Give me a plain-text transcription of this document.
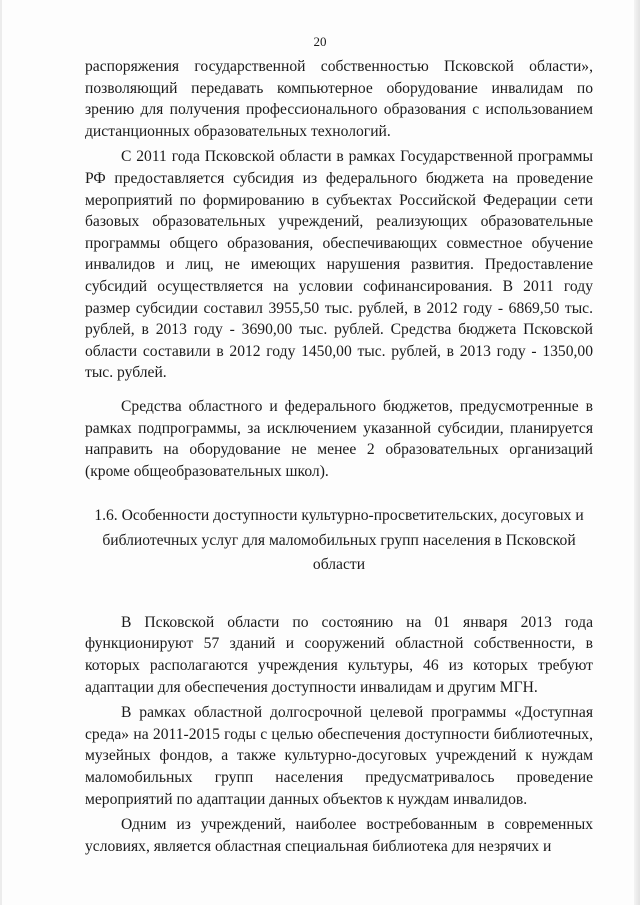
20

распоряжения государственной собственностью Псковской области», позволяющий передавать компьютерное оборудование инвалидам по зрению для получения профессионального образования с использованием дистанционных образовательных технологий.

С 2011 года Псковской области в рамках Государственной программы РФ предоставляется субсидия из федерального бюджета на проведение мероприятий по формированию в субъектах Российской Федерации сети базовых образовательных учреждений, реализующих образовательные программы общего образования, обеспечивающих совместное обучение инвалидов и лиц, не имеющих нарушения развития. Предоставление субсидий осуществляется на условии софинансирования. В 2011 году размер субсидии составил 3955,50 тыс. рублей, в 2012 году - 6869,50 тыс. рублей, в 2013 году - 3690,00 тыс. рублей. Средства бюджета Псковской области составили в 2012 году 1450,00 тыс. рублей, в 2013 году - 1350,00 тыс. рублей.

Средства областного и федерального бюджетов, предусмотренные в рамках подпрограммы, за исключением указанной субсидии, планируется направить на оборудование не менее 2 образовательных организаций (кроме общеобразовательных школ).

1.6. Особенности доступности культурно-просветительских, досуговых и библиотечных услуг для маломобильных групп населения в Псковской области

В Псковской области по состоянию на 01 января 2013 года функционируют 57 зданий и сооружений областной собственности, в которых располагаются учреждения культуры, 46 из которых требуют адаптации для обеспечения доступности инвалидам и другим МГН.

В рамках областной долгосрочной целевой программы «Доступная среда» на 2011-2015 годы с целью обеспечения доступности библиотечных, музейных фондов, а также культурно-досуговых учреждений к нуждам маломобильных групп населения предусматривалось проведение мероприятий по адаптации данных объектов к нуждам инвалидов.

Одним из учреждений, наиболее востребованным в современных условиях, является областная специальная библиотека для незрячих и
